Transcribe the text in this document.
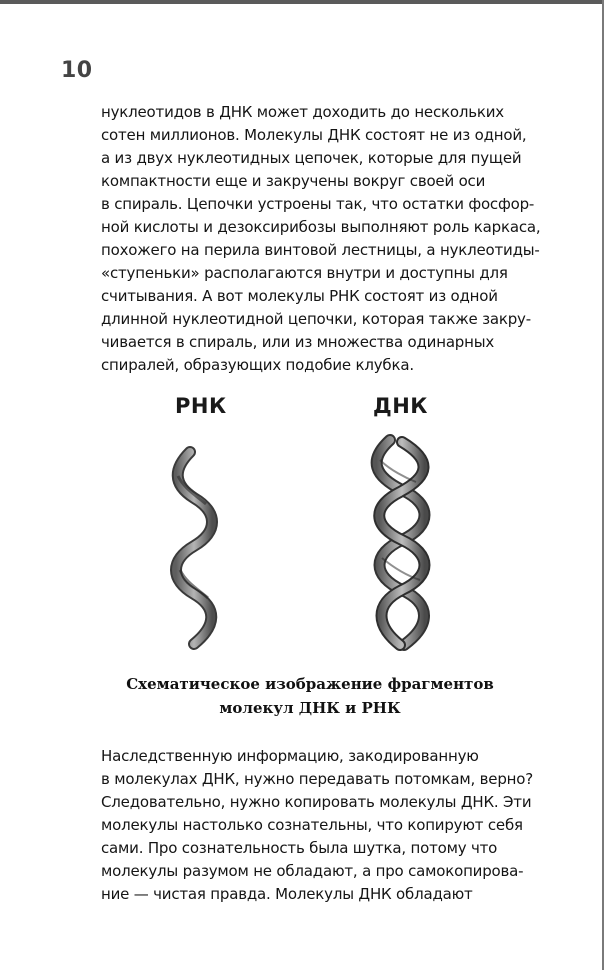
10
нуклеотидов в ДНК может доходить до нескольких
сотен миллионов. Молекулы ДНК состоят не из одной,
а из двух нуклеотидных цепочек, которые для пущей
компактности еще и закручены вокруг своей оси
в спираль. Цепочки устроены так, что остатки фосфор-
ной кислоты и дезоксирибозы выполняют роль каркаса,
похожего на перила винтовой лестницы, а нуклеотиды-
«ступеньки» располагаются внутри и доступны для
считывания. А вот молекулы РНК состоят из одной
длинной нуклеотидной цепочки, которая также закру-
чивается в спираль, или из множества одинарных
спиралей, образующих подобие клубка.
РНК	ДНК
Схематическое изображение фрагментов
молекул ДНК и РНК
Наследственную информацию, закодированную
в молекулах ДНК, нужно передавать потомкам, верно?
Следовательно, нужно копировать молекулы ДНК. Эти
молекулы настолько сознательны, что копируют себя
сами. Про сознательность была шутка, потому что
молекулы разумом не обладают, а про самокопирова-
ние — чистая правда. Молекулы ДНК обладают
